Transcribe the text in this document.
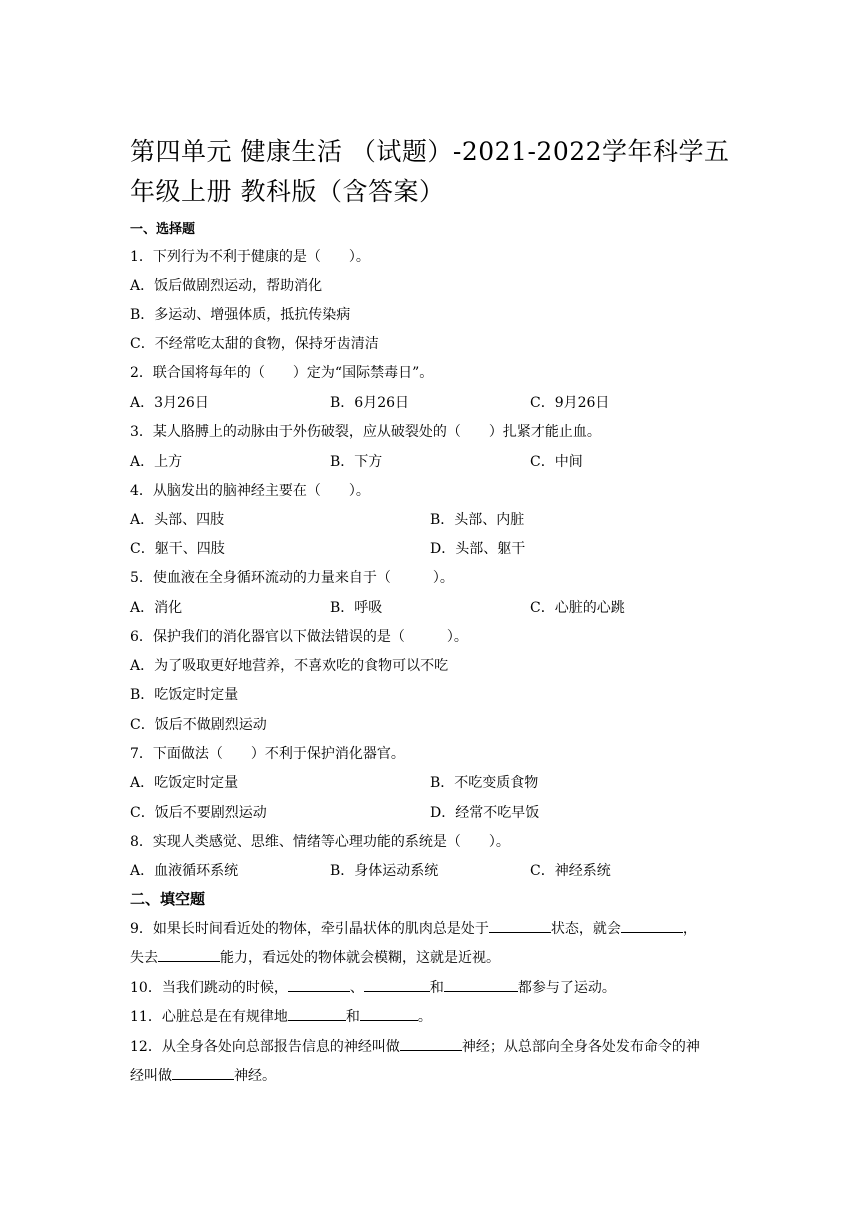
第四单元 健康生活 （试题）-2021-2022学年科学五
年级上册 教科版（含答案）
一、选择题
1．下列行为不利于健康的是（　　）。
A．饭后做剧烈运动，帮助消化
B．多运动、增强体质，抵抗传染病
C．不经常吃太甜的食物，保持牙齿清洁
2．联合国将每年的（　　）定为“国际禁毒日”。
A．3月26日	B．6月26日	C．9月26日
3．某人胳膊上的动脉由于外伤破裂，应从破裂处的（　　）扎紧才能止血。
A．上方	B．下方	C．中间
4．从脑发出的脑神经主要在（　　）。
A．头部、四肢	B．头部、内脏
C．躯干、四肢	D．头部、躯干
5．使血液在全身循环流动的力量来自于（　　　）。
A．消化	B．呼吸	C．心脏的心跳
6．保护我们的消化器官以下做法错误的是（　　　）。
A．为了吸取更好地营养，不喜欢吃的食物可以不吃
B．吃饭定时定量
C．饭后不做剧烈运动
7．下面做法（　　）不利于保护消化器官。
A．吃饭定时定量	B．不吃变质食物
C．饭后不要剧烈运动	D．经常不吃早饭
8．实现人类感觉、思维、情绪等心理功能的系统是（　　）。
A．血液循环系统	B．身体运动系统	C．神经系统
二、填空题
9．如果长时间看近处的物体，牵引晶状体的肌肉总是处于	状态，就会	，
失去	能力，看远处的物体就会模糊，这就是近视。
10．当我们跳动的时候，	、	和	都参与了运动。
11．心脏总是在有规律地	和	。
12．从全身各处向总部报告信息的神经叫做	神经；从总部向全身各处发布命令的神
经叫做	神经。
